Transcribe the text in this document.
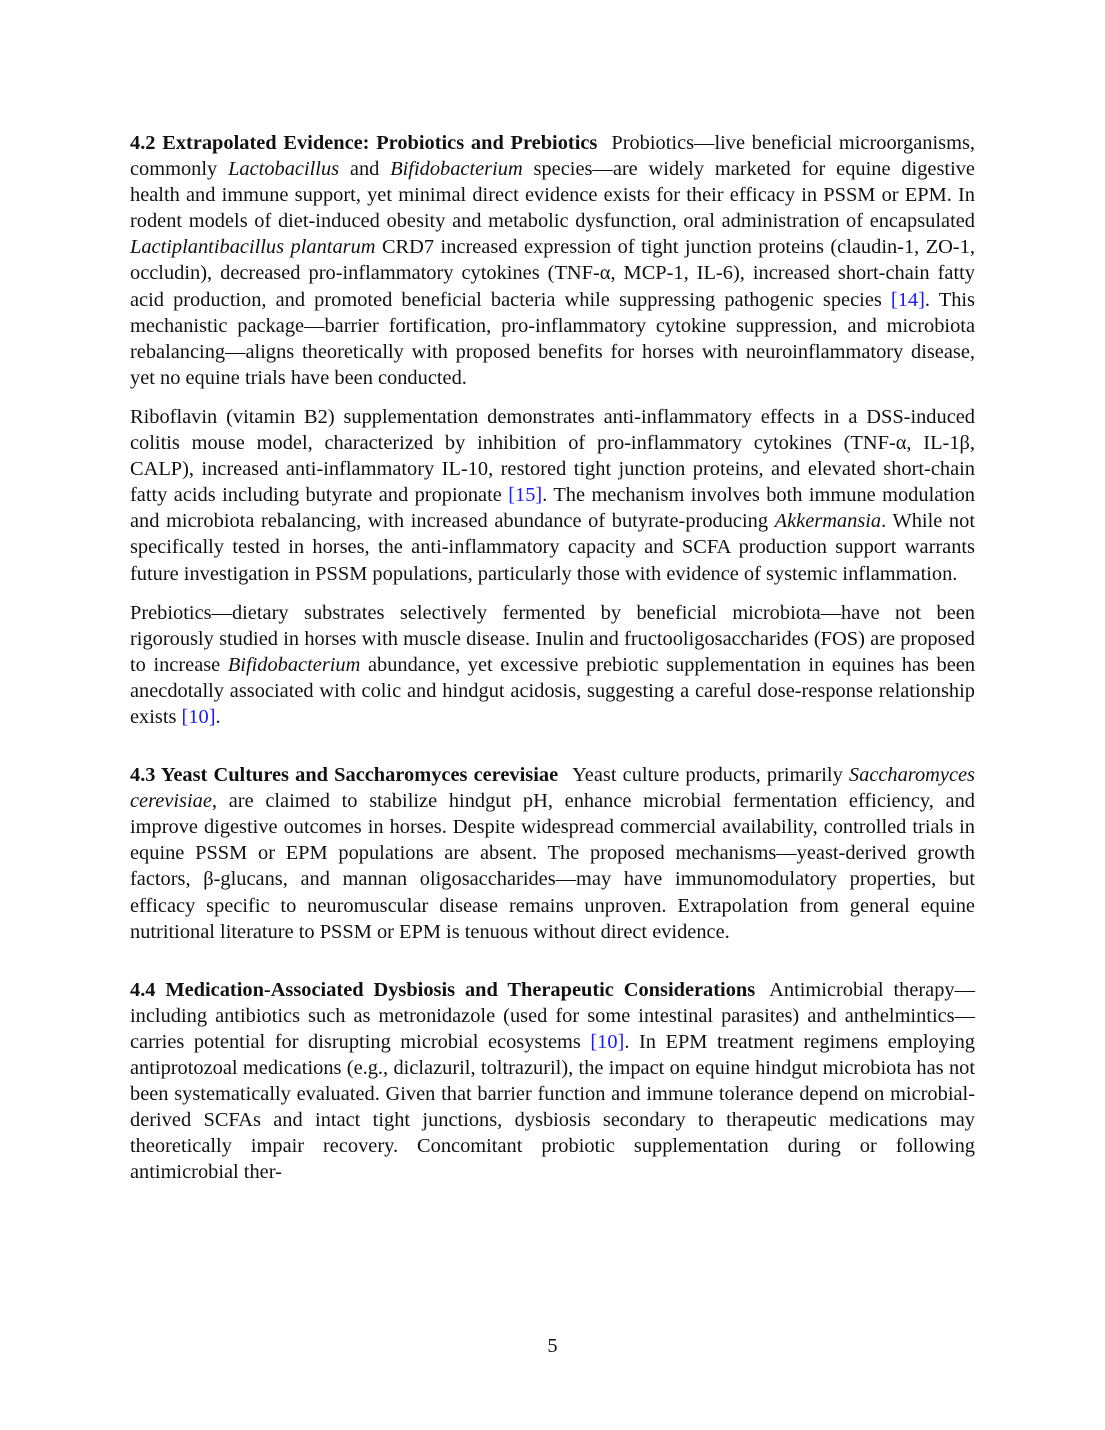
4.2 Extrapolated Evidence: Probiotics and Prebiotics Probiotics—live beneficial microorganisms, commonly Lactobacillus and Bifidobacterium species—are widely marketed for equine digestive health and immune support, yet minimal direct evidence exists for their efficacy in PSSM or EPM. In rodent models of diet-induced obesity and metabolic dysfunction, oral administration of encapsulated Lactiplantibacillus plantarum CRD7 increased expression of tight junction proteins (claudin-1, ZO-1, occludin), decreased pro-inflammatory cytokines (TNF-α, MCP-1, IL-6), increased short-chain fatty acid production, and promoted beneficial bacteria while suppressing pathogenic species [14]. This mechanistic package—barrier fortification, pro-inflammatory cytokine suppression, and microbiota rebalancing—aligns theoretically with proposed benefits for horses with neuroinflammatory disease, yet no equine trials have been conducted.

Riboflavin (vitamin B2) supplementation demonstrates anti-inflammatory effects in a DSS-induced colitis mouse model, characterized by inhibition of pro-inflammatory cytokines (TNF-α, IL-1β, CALP), increased anti-inflammatory IL-10, restored tight junction proteins, and elevated short-chain fatty acids including butyrate and propionate [15]. The mechanism involves both immune modulation and microbiota rebalancing, with increased abundance of butyrate-producing Akkermansia. While not specifically tested in horses, the anti-inflammatory capacity and SCFA production support warrants future investigation in PSSM populations, particularly those with evidence of systemic inflammation.

Prebiotics—dietary substrates selectively fermented by beneficial microbiota—have not been rigorously studied in horses with muscle disease. Inulin and fructooligosaccharides (FOS) are proposed to increase Bifidobacterium abundance, yet excessive prebiotic supplementation in equines has been anecdotally associated with colic and hindgut acidosis, suggesting a careful dose-response relationship exists [10].

4.3 Yeast Cultures and Saccharomyces cerevisiae Yeast culture products, primarily Saccharomyces cerevisiae, are claimed to stabilize hindgut pH, enhance microbial fermentation efficiency, and improve digestive outcomes in horses. Despite widespread commercial availability, controlled trials in equine PSSM or EPM populations are absent. The proposed mechanisms—yeast-derived growth factors, β-glucans, and mannan oligosaccharides—may have immunomodulatory properties, but efficacy specific to neuromuscular disease remains unproven. Extrapolation from general equine nutritional literature to PSSM or EPM is tenuous without direct evidence.

4.4 Medication-Associated Dysbiosis and Therapeutic Considerations Antimicrobial therapy—including antibiotics such as metronidazole (used for some intestinal parasites) and anthelmintics—carries potential for disrupting microbial ecosystems [10]. In EPM treatment regimens employing antiprotozoal medications (e.g., diclazuril, toltrazuril), the impact on equine hindgut microbiota has not been systematically evaluated. Given that barrier function and immune tolerance depend on microbial-derived SCFAs and intact tight junctions, dysbiosis secondary to therapeutic medications may theoretically impair recovery. Concomitant probiotic supplementation during or following antimicrobial ther-

5
